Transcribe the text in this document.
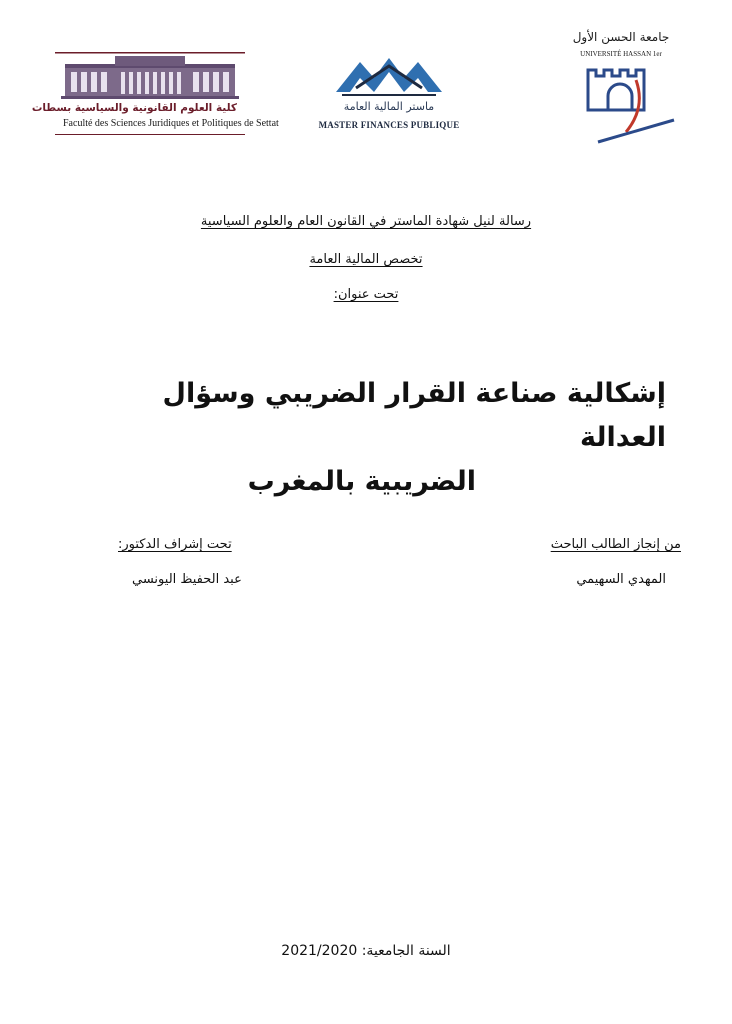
كلية العلوم القانونية والسياسية بسطات
Faculté des Sciences Juridiques et Politiques de Settat
ماستر المالية العامة
MASTER FINANCES PUBLIQUE
جامعة الحسن الأول
UNIVERSITÉ HASSAN 1er
رسالة لنيل شهادة الماستر في القانون العام والعلوم السياسية
تخصص المالية العامة
تحت عنوان:
إشكالية صناعة القرار الضريبي وسؤال العدالة
الضريبية بالمغرب
من إنجاز الطالب الباحث
المهدي السهيمي
تحت إشراف الدكتور:
عبد الحفيظ اليونسي
السنة الجامعية: 2021/2020
